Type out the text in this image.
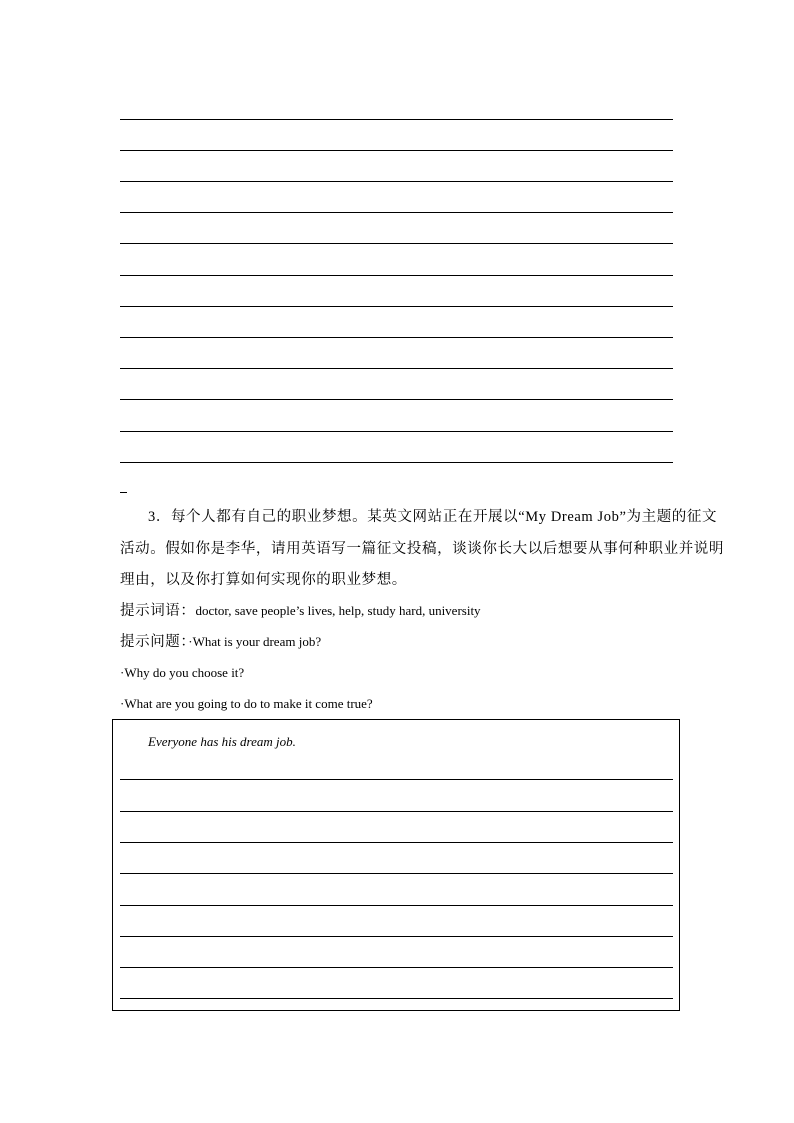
3．每个人都有自己的职业梦想。某英文网站正在开展以“My Dream Job”为主题的征文
活动。假如你是李华，请用英语写一篇征文投稿，谈谈你长大以后想要从事何种职业并说明
理由，以及你打算如何实现你的职业梦想。
提示词语：doctor, save people’s lives, help, study hard, university
提示问题：·What is your dream job?
·Why do you choose it?
·What are you going to do to make it come true?
Everyone has his dream job.
